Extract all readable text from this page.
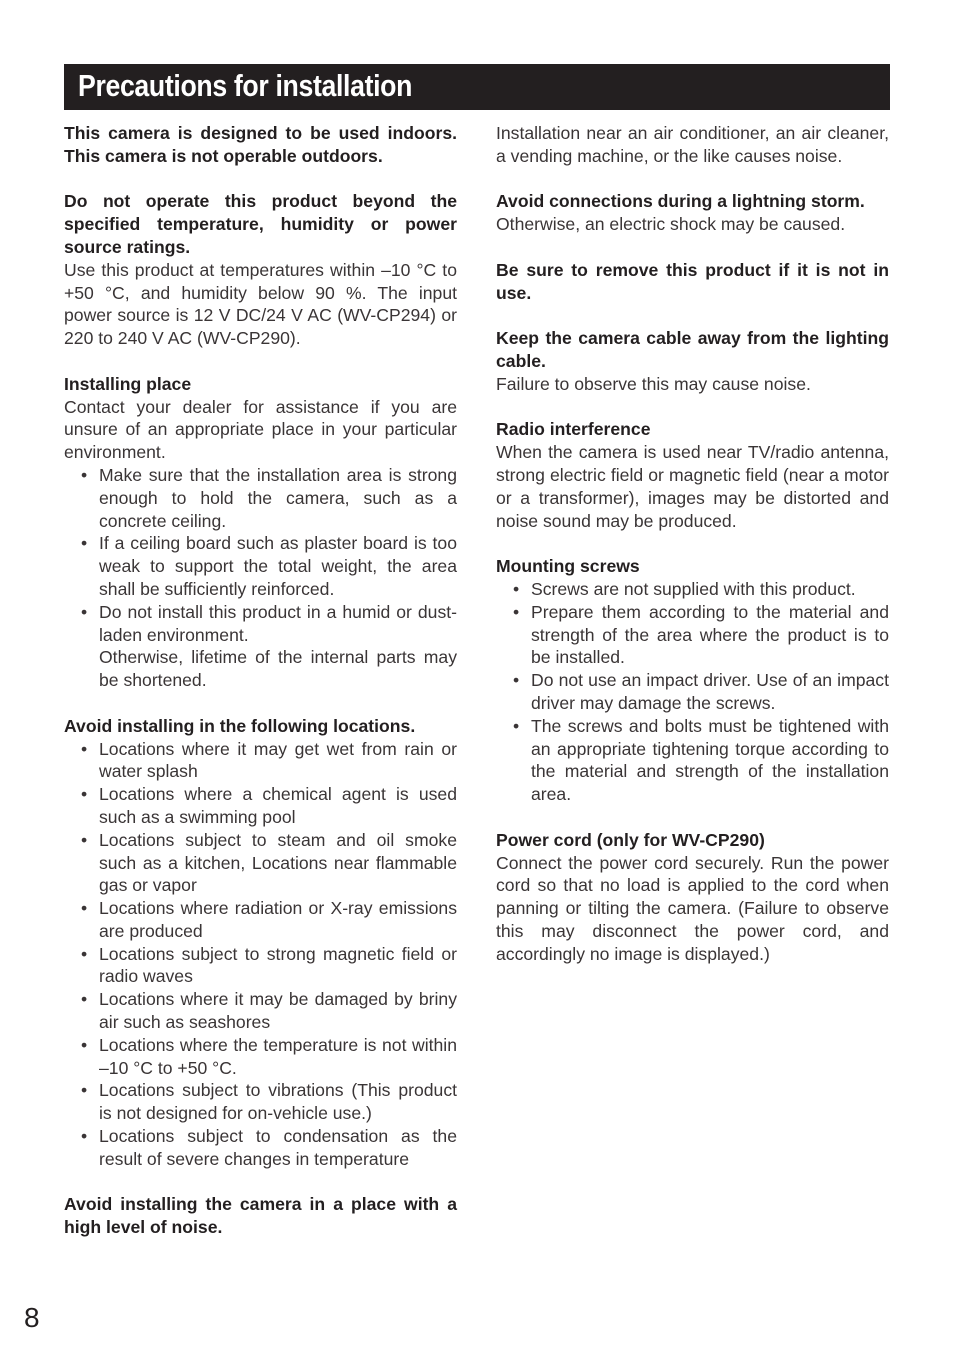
Precautions for installation

This camera is designed to be used indoors. This camera is not operable outdoors.

Do not operate this product beyond the specified temperature, humidity or power source ratings.

Use this product at temperatures within –10 °C to +50 °C, and humidity below 90 %. The input power source is 12 V DC/24 V AC (WV-CP294) or 220 to 240 V AC (WV-CP290).

Installing place

Contact your dealer for assistance if you are unsure of an appropriate place in your particular environment.

• Make sure that the installation area is strong enough to hold the camera, such as a concrete ceiling.
• If a ceiling board such as plaster board is too weak to support the total weight, the area shall be sufficiently reinforced.
• Do not install this product in a humid or dust-laden environment.

Otherwise, lifetime of the internal parts may be shortened.

Avoid installing in the following locations.

• Locations where it may get wet from rain or water splash
• Locations where a chemical agent is used such as a swimming pool
• Locations subject to steam and oil smoke such as a kitchen, Locations near flammable gas or vapor
• Locations where radiation or X-ray emissions are produced
• Locations subject to strong magnetic field or radio waves
• Locations where it may be damaged by briny air such as seashores
• Locations where the temperature is not within –10 °C to +50 °C.
• Locations subject to vibrations (This product is not designed for on-vehicle use.)
• Locations subject to condensation as the result of severe changes in temperature

Avoid installing the camera in a place with a high level of noise.

Installation near an air conditioner, an air cleaner, a vending machine, or the like causes noise.

Avoid connections during a lightning storm.

Otherwise, an electric shock may be caused.

Be sure to remove this product if it is not in use.

Keep the camera cable away from the lighting cable.

Failure to observe this may cause noise.

Radio interference

When the camera is used near TV/radio antenna, strong electric field or magnetic field (near a motor or a transformer), images may be distorted and noise sound may be produced.

Mounting screws

• Screws are not supplied with this product.
• Prepare them according to the material and strength of the area where the product is to be installed.
• Do not use an impact driver. Use of an impact driver may damage the screws.
• The screws and bolts must be tightened with an appropriate tightening torque according to the material and strength of the installation area.

Power cord (only for WV-CP290)

Connect the power cord securely. Run the power cord so that no load is applied to the cord when panning or tilting the camera. (Failure to observe this may disconnect the power cord, and accordingly no image is displayed.)

8
